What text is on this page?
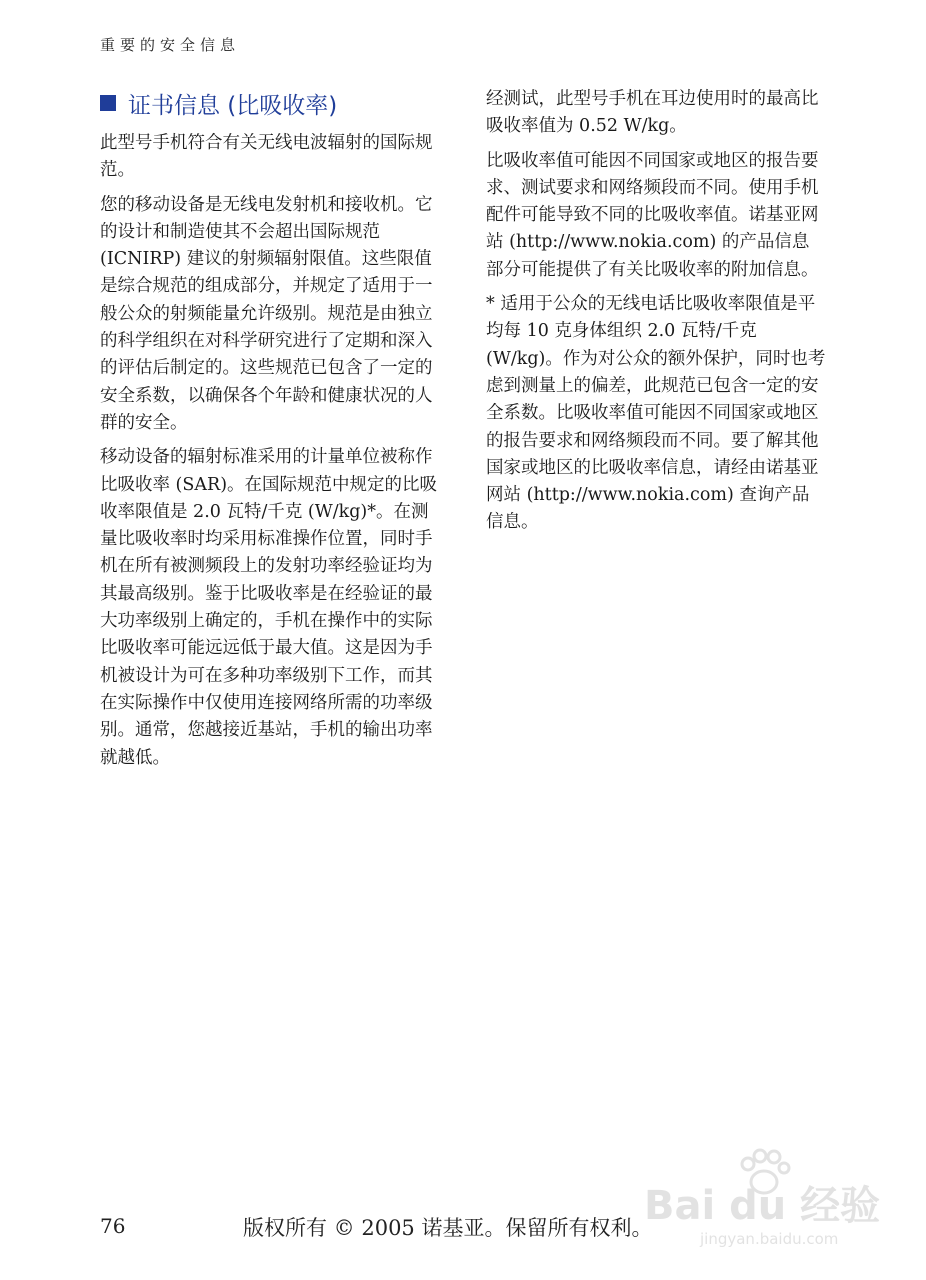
重要的安全信息
证书信息 (比吸收率)

此型号手机符合有关无线电波辐射的国际规范。

您的移动设备是无线电发射机和接收机。它的设计和制造使其不会超出国际规范 (ICNIRP) 建议的射频辐射限值。这些限值是综合规范的组成部分，并规定了适用于一般公众的射频能量允许级别。规范是由独立的科学组织在对科学研究进行了定期和深入的评估后制定的。这些规范已包含了一定的安全系数，以确保各个年龄和健康状况的人群的安全。

移动设备的辐射标准采用的计量单位被称作比吸收率 (SAR)。在国际规范中规定的比吸收率限值是 2.0 瓦特/千克 (W/kg)*。在测量比吸收率时均采用标准操作位置，同时手机在所有被测频段上的发射功率经验证均为其最高级别。鉴于比吸收率是在经验证的最大功率级别上确定的，手机在操作中的实际比吸收率可能远远低于最大值。这是因为手机被设计为可在多种功率级别下工作，而其在实际操作中仅使用连接网络所需的功率级别。通常，您越接近基站，手机的输出功率就越低。

经测试，此型号手机在耳边使用时的最高比吸收率值为 0.52 W/kg。

比吸收率值可能因不同国家或地区的报告要求、测试要求和网络频段而不同。使用手机配件可能导致不同的比吸收率值。诺基亚网站 (http://www.nokia.com) 的产品信息部分可能提供了有关比吸收率的附加信息。

* 适用于公众的无线电话比吸收率限值是平均每 10 克身体组织 2.0 瓦特/千克 (W/kg)。作为对公众的额外保护，同时也考虑到测量上的偏差，此规范已包含一定的安全系数。比吸收率值可能因不同国家或地区的报告要求和网络频段而不同。要了解其他国家或地区的比吸收率信息，请经由诺基亚网站 (http://www.nokia.com) 查询产品信息。

76	版权所有 © 2005 诺基亚。保留所有权利。
Bai du 经验
jingyan.baidu.com
